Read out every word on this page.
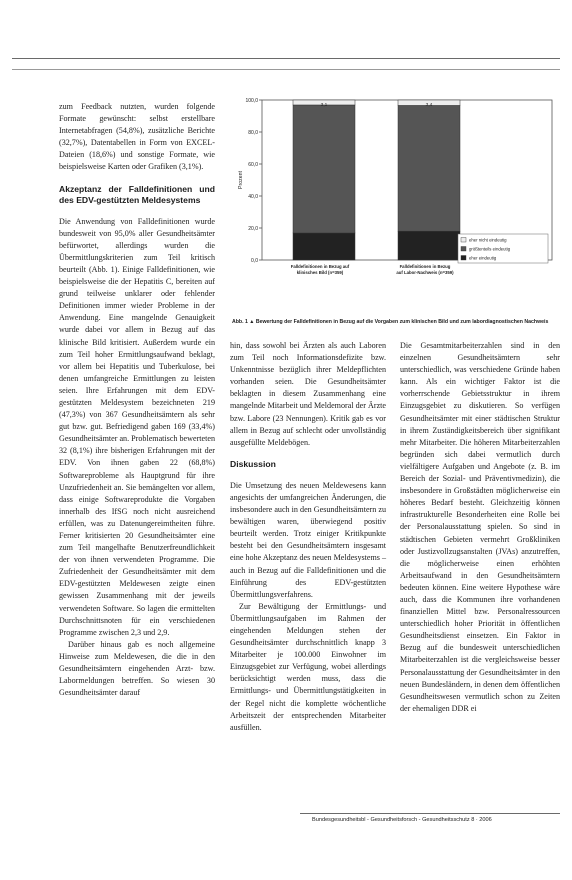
zum Feedback nutzten, wurden folgende Formate gewünscht: selbst erstellbare Internetabfragen (54,8%), zusätzliche Berichte (32,7%), Datentabellen in Form von EXCEL-Dateien (18,6%) und sonstige Formate, wie beispielsweise Karten oder Grafiken (3,1%).

Akzeptanz der Falldefinitionen und des EDV-gestützten Meldesystems

Die Anwendung von Falldefinitionen wurde bundesweit von 95,0% aller Gesundheitsämter befürwortet, allerdings wurden die Übermittlungskriterien zum Teil kritisch beurteilt (Abb. 1). Einige Falldefinitionen, wie beispielsweise die der Hepatitis C, bereiten auf grund teilweise unklarer oder fehlender Definitionen immer wieder Probleme in der Anwendung. Eine mangelnde Genauigkeit wurde dabei vor allem in Bezug auf das klinische Bild kritisiert. Außerdem wurde ein zum Teil hoher Ermittlungsaufwand beklagt, vor allem bei Hepatitis und Tuberkulose, bei denen umfangreiche Ermittlungen zu leisten seien. Ihre Erfahrungen mit dem EDV-gestützten Meldesystem bezeichneten 219 (47,3%) von 367 Gesundheitsämtern als sehr gut bzw. gut. Befriedigend gaben 169 (33,4%) Gesundheitsämter an. Problematisch bewerteten 32 (8,1%) ihre bisherigen Erfahrungen mit der EDV. Von ihnen gaben 22 (68,8%) Softwareprobleme als Hauptgrund für ihre Unzufriedenheit an. Sie bemängelten vor allem, dass einige Softwareprodukte die Vorgaben innerhalb des IfSG noch nicht ausreichend erfüllen, was zu Datenungereimtheiten führe. Ferner kritisierten 20 Gesundheitsämter eine zum Teil mangelhafte Benutzerfreundlichkeit der von ihnen verwendeten Programme. Die Zufriedenheit der Gesundheitsämter mit dem EDV-gestützten Meldewesen zeigte einen gewissen Zusammenhang mit der jeweils verwendeten Software. So lagen die ermittelten Durchschnittsnoten für ein verschiedenen Programme zwischen 2,3 und 2,9.

Darüber hinaus gab es noch allgemeine Hinweise zum Meldewesen, die die in den Gesundheitsämtern eingehenden Arzt- bzw. Labormeldungen betreffen. So wiesen 30 Gesundheitsämter darauf

0,0
20,0
40,0
60,0
80,0
100,0
Prozent
3,1
Falldefinitionen in Bezug auf
klinisches Bild (n=359)
3,4
Falldefinitionen in Bezug
auf Labor-Nachweis (n=359)
eher nicht eindeutig
größtenteils eindeutig
eher eindeutig
Abb. 1 ▲ Bewertung der Falldefinitionen in Bezug auf die Vorgaben zum klinischen Bild und zum labordiagnostischen Nachweis

hin, dass sowohl bei Ärzten als auch Laboren zum Teil noch Informationsdefizite bzw. Unkenntnisse bezüglich ihrer Meldepflichten vorhanden seien. Die Gesundheitsämter beklagten in diesem Zusammenhang eine mangelnde Mitarbeit und Meldemoral der Ärzte bzw. Labore (23 Nennungen). Kritik gab es vor allem in Bezug auf schlecht oder unvollständig ausgefüllte Meldebögen.

Diskussion

Die Umsetzung des neuen Meldewesens kann angesichts der umfangreichen Änderungen, die insbesondere auch in den Gesundheitsämtern zu bewältigen waren, überwiegend positiv beurteilt werden. Trotz einiger Kritikpunkte besteht bei den Gesundheitsämtern insgesamt eine hohe Akzeptanz des neuen Meldesystems – auch in Bezug auf die Falldefinitionen und die Einführung des EDV-gestützten Übermittlungsverfahrens.

Zur Bewältigung der Ermittlungs- und Übermittlungsaufgaben im Rahmen der eingehenden Meldungen stehen der Gesundheitsämter durchschnittlich knapp 3 Mitarbeiter je 100.000 Einwohner im Einzugsgebiet zur Verfügung, wobei allerdings berücksichtigt werden muss, dass die Ermittlungs- und Übermittlungstätigkeiten in der Regel nicht die komplette wöchentliche Arbeitszeit der entsprechenden Mitarbeiter ausfüllen.

Die Gesamtmitarbeiterzahlen sind in den einzelnen Gesundheitsämtern sehr unterschiedlich, was verschiedene Gründe haben kann. Als ein wichtiger Faktor ist die vorherrschende Gebietsstruktur in ihrem Einzugsgebiet zu diskutieren. So verfügen Gesundheitsämter mit einer städtischen Struktur in ihrem Zuständigkeitsbereich über signifikant mehr Mitarbeiter. Die höheren Mitarbeiterzahlen begründen sich dabei vermutlich durch vielfältigere Aufgaben und Angebote (z. B. im Bereich der Sozial- und Präventivmedizin), die insbesondere in Großstädten möglicherweise ein höheres Bedarf besteht. Gleichzeitig können infrastrukturelle Besonderheiten eine Rolle bei der Personalausstattung spielen. So sind in städtischen Gebieten vermehrt Großkliniken oder Justizvollzugsanstalten (JVAs) anzutreffen, die möglicherweise einen erhöhten Arbeitsaufwand in den Gesundheitsämtern bedeuten können. Eine weitere Hypothese wäre auch, dass die Kommunen ihre vorhandenen finanziellen Mittel bzw. Personalressourcen unterschiedlich hoher Priorität in öffentlichen Gesundheitsdienst einsetzen. Ein Faktor in Bezug auf die bundesweit unterschiedlichen Mitarbeiterzahlen ist die vergleichsweise besser Personalausstattung der Gesundheitsämter in den neuen Bundesländern, in denen dem öffentlichen Gesundheitswesen vermutlich schon zu Zeiten der ehemaligen DDR ei

Bundesgesundheitsbl - Gesundheitsforsch - Gesundheitsschutz 8 · 2006
